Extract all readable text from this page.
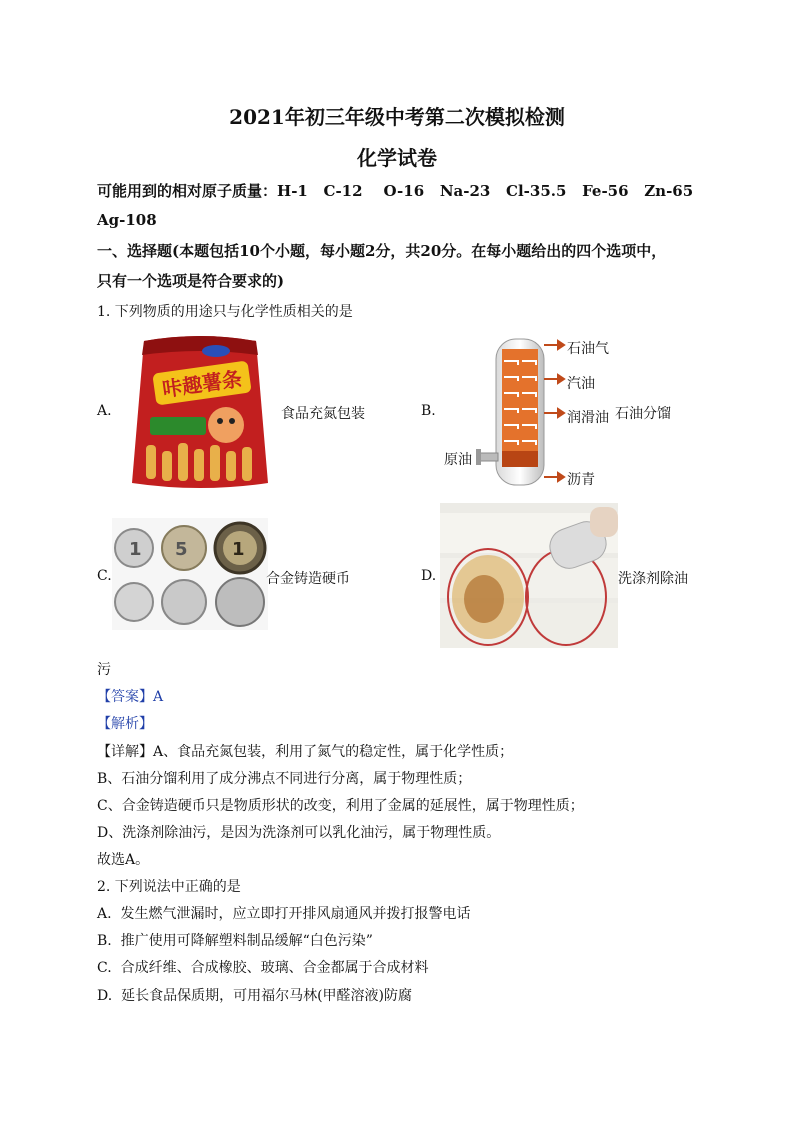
2021年初三年级中考第二次模拟检测
化学试卷
可能用到的相对原子质量：H-1   C-12    O-16   Na-23   Cl-35.5   Fe-56   Zn-65
Ag-108
一、选择题(本题包括10个小题，每小题2分，共20分。在每小题给出的四个选项中，
只有一个选项是符合要求的)
1. 下列物质的用途只与化学性质相关的是
A.
咔趣薯条
食品充氮包装	B.
石油气
汽油
润滑油 石油分馏
原油
沥青
C.
1 5 1
合金铸造硬币	D.	洗涤剂除油
污
【答案】A
【解析】
【详解】A、食品充氮包装，利用了氮气的稳定性，属于化学性质；
B、石油分馏利用了成分沸点不同进行分离，属于物理性质；
C、合金铸造硬币只是物质形状的改变，利用了金属的延展性，属于物理性质；
D、洗涤剂除油污，是因为洗涤剂可以乳化油污，属于物理性质。
故选A。
2. 下列说法中正确的是
A.  发生燃气泄漏时，应立即打开排风扇通风并拨打报警电话
B.  推广使用可降解塑料制品缓解“白色污染”
C.  合成纤维、合成橡胶、玻璃、合金都属于合成材料
D.  延长食品保质期，可用福尔马林(甲醛溶液)防腐
